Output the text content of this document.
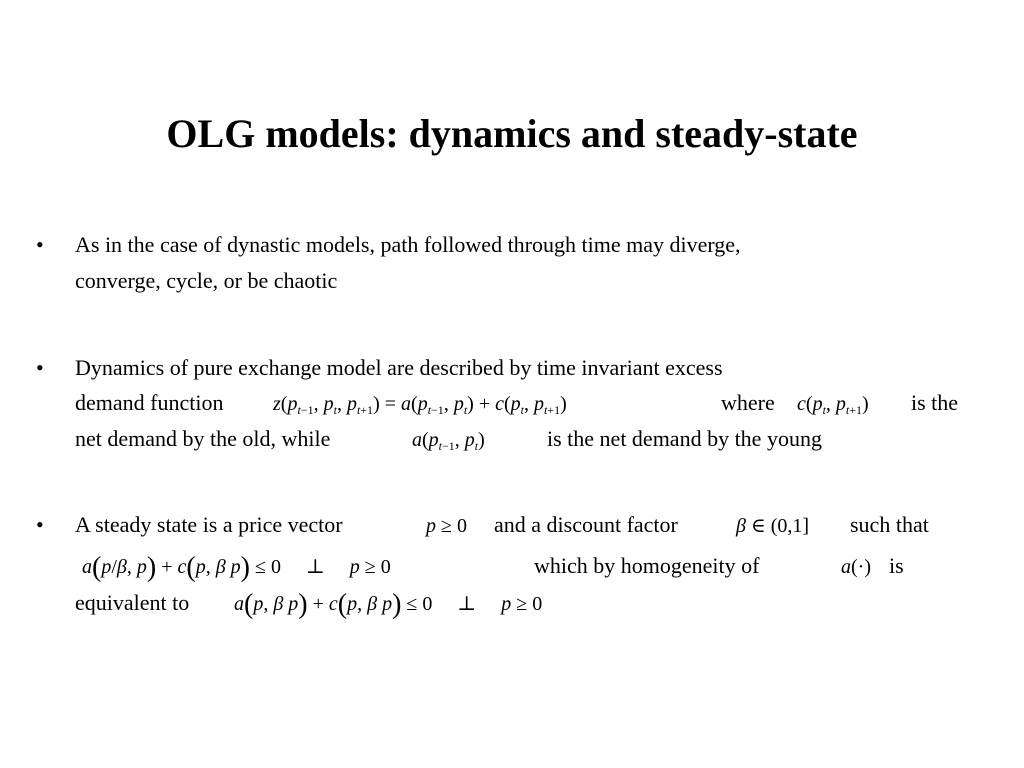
OLG models: dynamics and steady-state
• As in the case of dynastic models, path followed through time may diverge,
converge, cycle, or be chaotic
• Dynamics of pure exchange model are described by time invariant excess
demand function $z(p_{t-1}$, $p_t$, $p_{t+1}) = a(p_{t-1}$, $p_t) + c(p_t$, $p_{t+1}$)	where $c(p_t$, $p_{t+1}$) is the
net demand by the old, while	$a(p_{t-1}$, $p_t$)	is the net demand by the young
• A steady state is a price vector	p ≥ 0 and a discount factor	β ∈ (0,1] such that
a(p/β, p) + c(p, β p) ≤ 0     ⊥     p ≥ 0	which by homogeneity of	a(·) is
equivalent to a(p, β p) + c(p, β p) ≤ 0     ⊥     p ≥ 0
